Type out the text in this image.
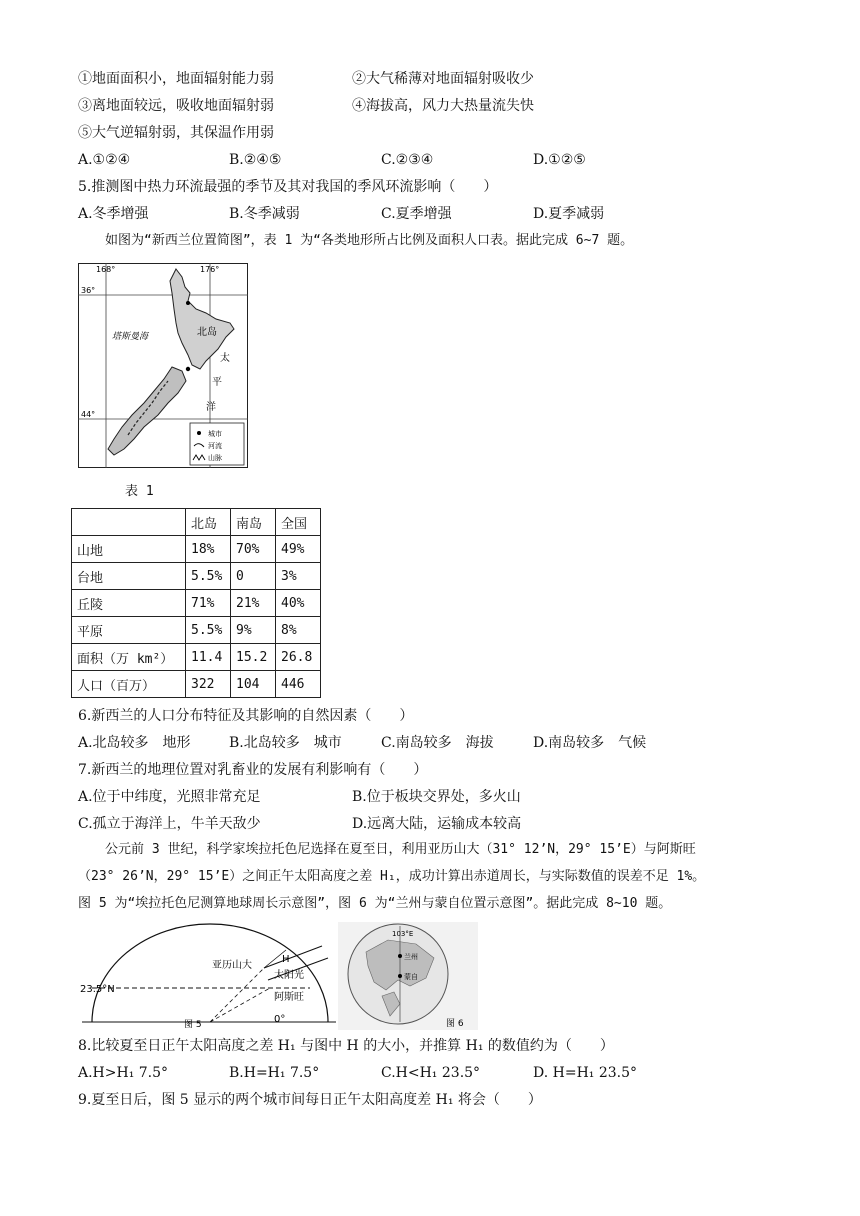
①地面面积小，地面辐射能力弱	②大气稀薄对地面辐射吸收少
③离地面较远，吸收地面辐射弱	④海拔高，风力大热量流失快
⑤大气逆辐射弱，其保温作用弱
A.①②④	B.②④⑤	C.②③④	D.①②⑤
5.推测图中热力环流最强的季节及其对我国的季风环流影响（　　）
A.冬季增强	B.冬季减弱	C.夏季增强	D.夏季减弱
如图为“新西兰位置简图”，表 1 为“各类地形所占比例及面积人口表。据此完成 6~7 题。
168°	176°
36°
44°
塔斯曼海	北岛
太
平
洋
城市
河流
山脉
表 1
	北岛	南岛	全国
山地	18%	70%	49%
台地	5.5%	0	3%
丘陵	71%	21%	40%
平原	5.5%	9%	8%
面积（万 km²）	11.4	15.2	26.8
人口（百万）	322	104	446
6.新西兰的人口分布特征及其影响的自然因素（　　）
A.北岛较多　地形	B.北岛较多　城市	C.南岛较多　海拔	D.南岛较多　气候
7.新西兰的地理位置对乳畜业的发展有利影响有（　　）
A.位于中纬度，光照非常充足	B.位于板块交界处，多火山
C.孤立于海洋上，牛羊天敌少	D.远离大陆，运输成本较高
公元前 3 世纪，科学家埃拉托色尼选择在夏至日，利用亚历山大（31° 12’N，29° 15’E）与阿斯旺
（23° 26’N，29° 15’E）之间正午太阳高度之差 H₁，成功计算出赤道周长，与实际数值的误差不足 1%。
图 5 为“埃拉托色尼测算地球周长示意图”，图 6 为“兰州与蒙自位置示意图”。据此完成 8~10 题。
23.5°N
亚历山大
H
太阳光
阿斯旺
0°
图 5
103°E
兰州
蒙自
图 6
8.比较夏至日正午太阳高度之差 H₁ 与图中 H 的大小，并推算 H₁ 的数值约为（　　）
A.H>H₁ 7.5°	B.H=H₁ 7.5°	C.H<H₁ 23.5°	D. H=H₁ 23.5°
9.夏至日后，图 5 显示的两个城市间每日正午太阳高度差 H₁ 将会（　　）
